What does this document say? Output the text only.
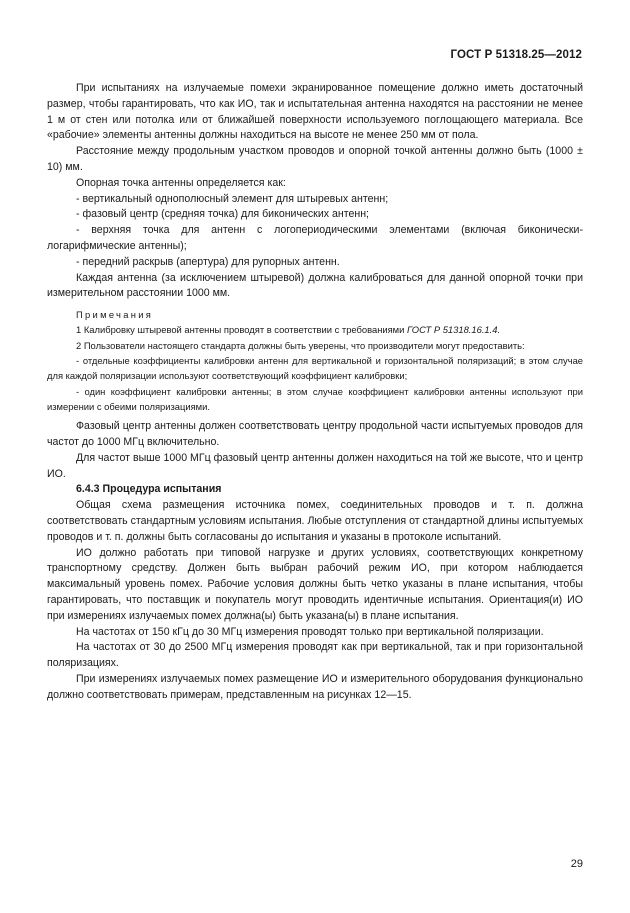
ГОСТ Р 51318.25—2012

При испытаниях на излучаемые помехи экранированное помещение должно иметь достаточный размер, чтобы гарантировать, что как ИО, так и испытательная антенна находятся на расстоянии не менее 1 м от стен или потолка или от ближайшей поверхности используемого поглощающего материала. Все «рабочие» элементы антенны должны находиться на высоте не менее 250 мм от пола.

Расстояние между продольным участком проводов и опорной точкой антенны должно быть (1000 ± 10) мм.

Опорная точка антенны определяется как:

- вертикальный однополюсный элемент для штыревых антенн;

- фазовый центр (средняя точка) для биконических антенн;

- верхняя точка для антенн с логопериодическими элементами (включая биконически-логарифмические антенны);

- передний раскрыв (апертура) для рупорных антенн.

Каждая антенна (за исключением штыревой) должна калиброваться для данной опорной точки при измерительном расстоянии 1000 мм.

Примечания

1 Калибровку штыревой антенны проводят в соответствии с требованиями ГОСТ Р 51318.16.1.4.

2 Пользователи настоящего стандарта должны быть уверены, что производители могут предоставить:

- отдельные коэффициенты калибровки антенн для вертикальной и горизонтальной поляризаций; в этом случае для каждой поляризации используют соответствующий коэффициент калибровки;

- один коэффициент калибровки антенны; в этом случае коэффициент калибровки антенны используют при измерении с обеими поляризациями.

Фазовый центр антенны должен соответствовать центру продольной части испытуемых проводов для частот до 1000 МГц включительно.

Для частот выше 1000 МГц фазовый центр антенны должен находиться на той же высоте, что и центр ИО.

6.4.3 Процедура испытания

Общая схема размещения источника помех, соединительных проводов и т. п. должна соответствовать стандартным условиям испытания. Любые отступления от стандартной длины испытуемых проводов и т. п. должны быть согласованы до испытания и указаны в протоколе испытаний.

ИО должно работать при типовой нагрузке и других условиях, соответствующих конкретному транспортному средству. Должен быть выбран рабочий режим ИО, при котором наблюдается максимальный уровень помех. Рабочие условия должны быть четко указаны в плане испытания, чтобы гарантировать, что поставщик и покупатель могут проводить идентичные испытания. Ориентация(и) ИО при измерениях излучаемых помех должна(ы) быть указана(ы) в плане испытания.

На частотах от 150 кГц до 30 МГц измерения проводят только при вертикальной поляризации.

На частотах от 30 до 2500 МГц измерения проводят как при вертикальной, так и при горизонтальной поляризациях.

При измерениях излучаемых помех размещение ИО и измерительного оборудования функционально должно соответствовать примерам, представленным на рисунках 12—15.

29
